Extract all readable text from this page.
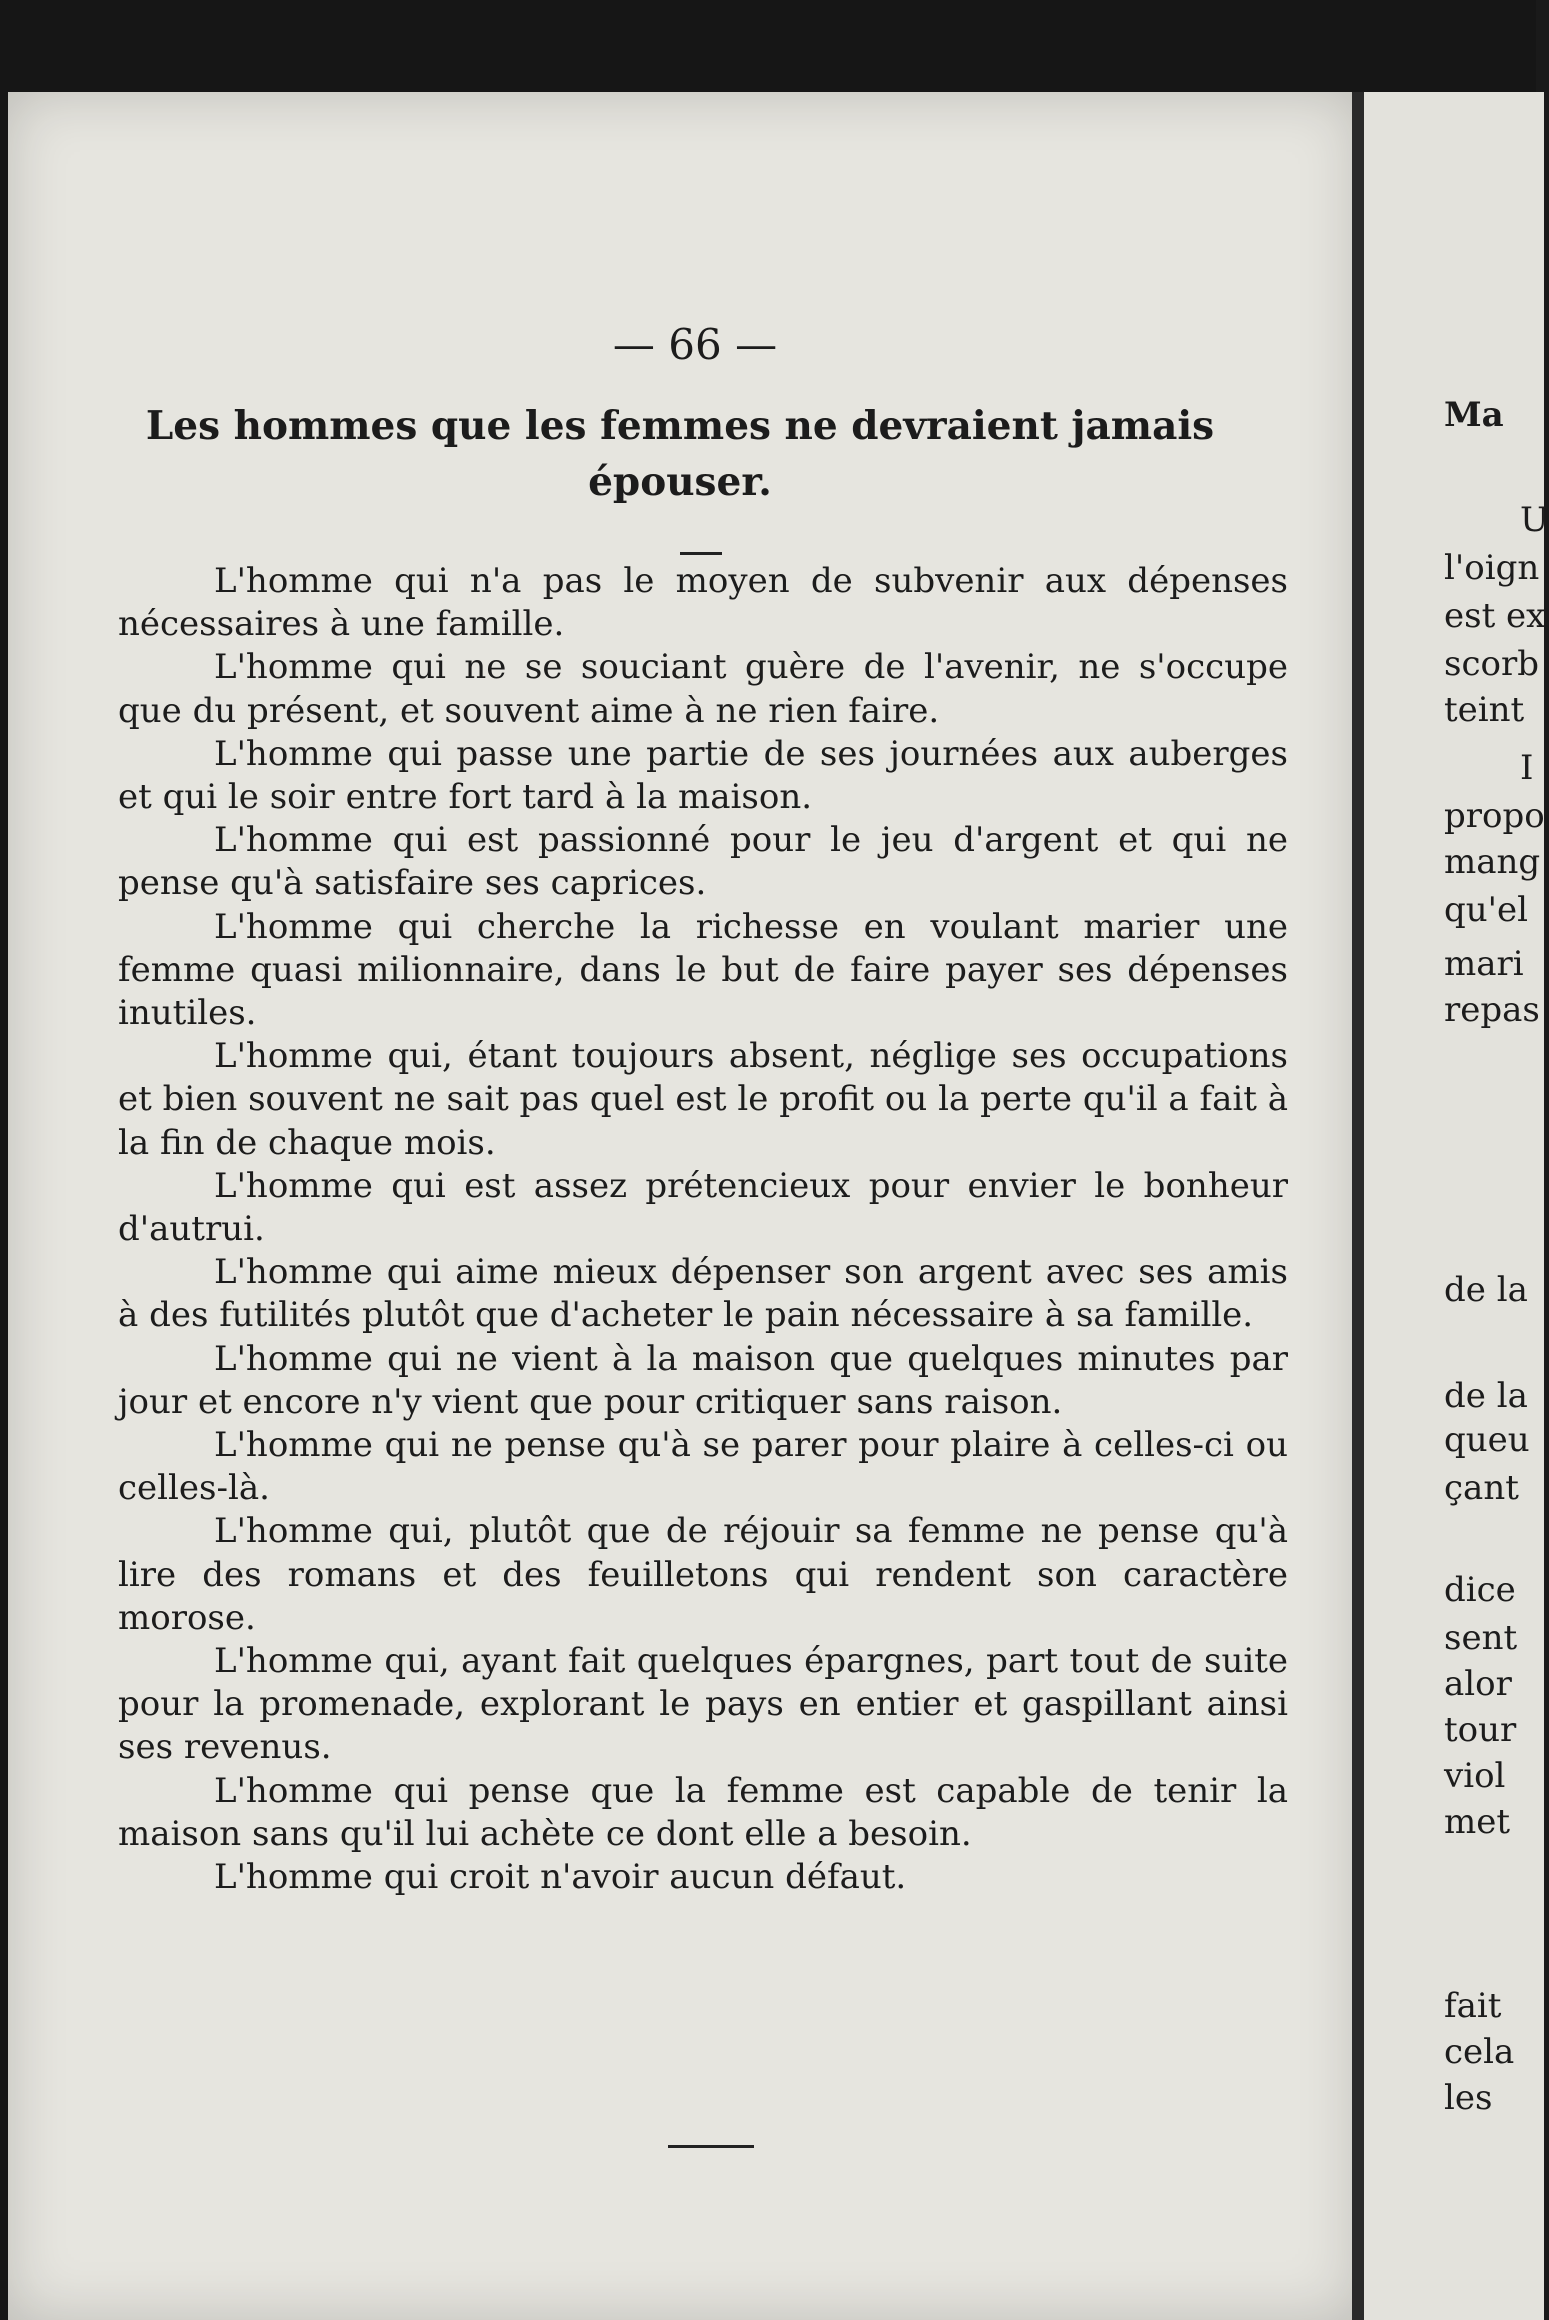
— 66 —
Les hommes que les femmes ne devraient jamais épouser.

L'homme qui n'a pas le moyen de subvenir aux dépenses nécessaires à une famille.

L'homme qui ne se souciant guère de l'avenir, ne s'occupe que du présent, et souvent aime à ne rien faire.

L'homme qui passe une partie de ses journées aux auberges et qui le soir entre fort tard à la maison.

L'homme qui est passionné pour le jeu d'argent et qui ne pense qu'à satisfaire ses caprices.

L'homme qui cherche la richesse en voulant marier une femme quasi milionnaire, dans le but de faire payer ses dépenses inutiles.

L'homme qui, étant toujours absent, néglige ses occupations et bien souvent ne sait pas quel est le profit ou la perte qu'il a fait à la fin de chaque mois.

L'homme qui est assez prétencieux pour envier le bonheur d'autrui.

L'homme qui aime mieux dépenser son argent avec ses amis à des futilités plutôt que d'acheter le pain nécessaire à sa famille.

L'homme qui ne vient à la maison que quelques minutes par jour et encore n'y vient que pour critiquer sans raison.

L'homme qui ne pense qu'à se parer pour plaire à celles-ci ou celles-là.

L'homme qui, plutôt que de réjouir sa femme ne pense qu'à lire des romans et des feuilletons qui rendent son caractère morose.

L'homme qui, ayant fait quelques épargnes, part tout de suite pour la promenade, explorant le pays en entier et gaspillant ainsi ses revenus.

L'homme qui pense que la femme est capable de tenir la maison sans qu'il lui achète ce dont elle a besoin.

L'homme qui croit n'avoir aucun défaut.

Ma
U
l'oign
est ex
scorb
teint
I
propo
mang
qu'el
mari
repas
de la
de la
queu
çant
dice
sent
alor
tour
viol
met
fait
cela
les
